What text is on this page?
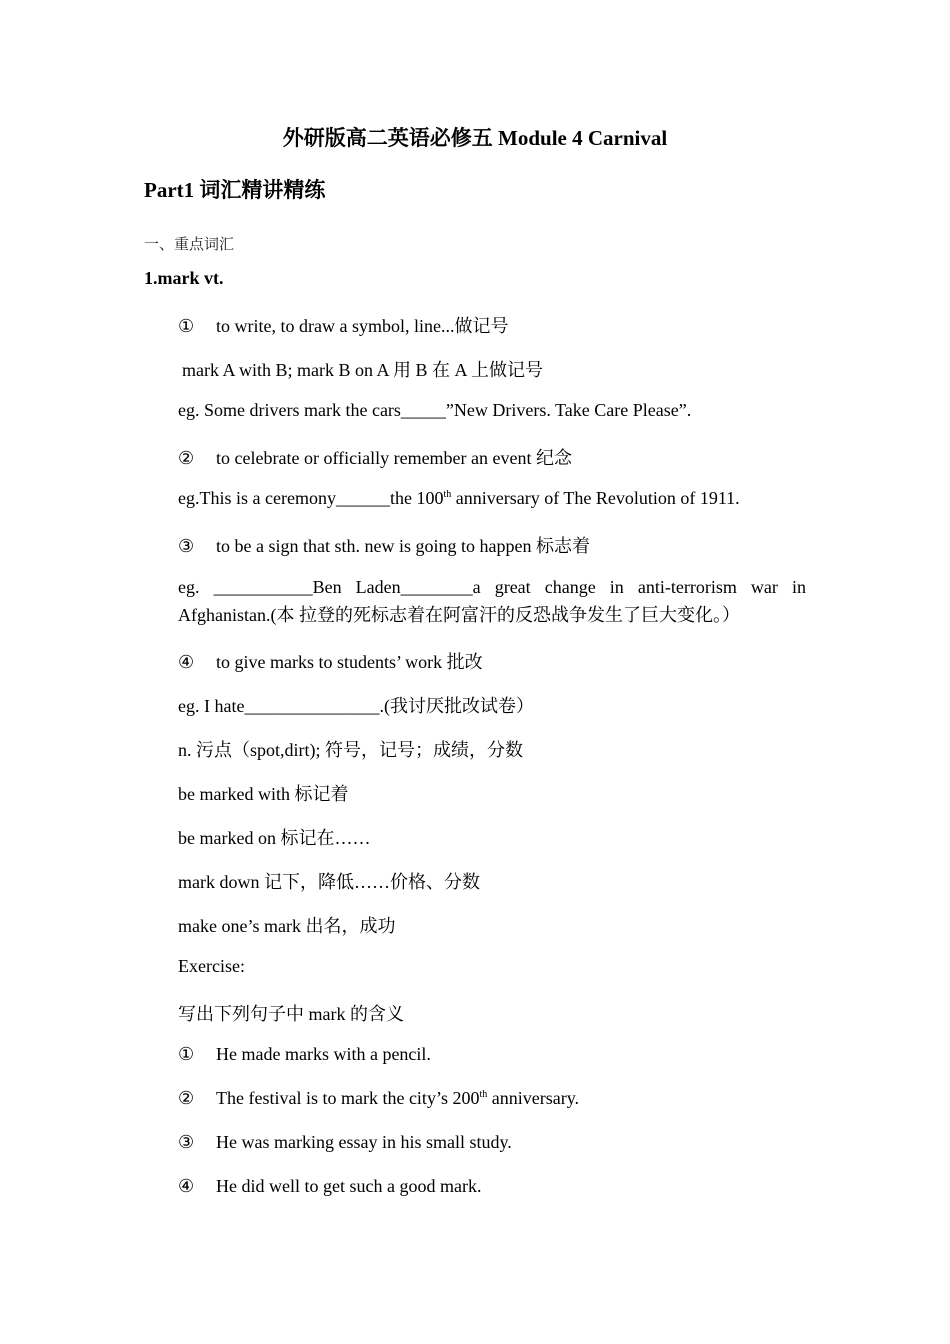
外研版高二英语必修五 Module 4 Carnival
Part1 词汇精讲精练
一、重点词汇
1.mark vt.
① to write, to draw a symbol, line...做记号
mark A with B; mark B on A 用 B 在 A 上做记号
eg. Some drivers mark the cars_____”New Drivers. Take Care Please”.
② to celebrate or officially remember an event 纪念
eg.This is a ceremony______the 100th anniversary of The Revolution of 1911.
③ to be a sign that sth. new is going to happen 标志着
eg. ___________Ben Laden________a great change in anti-terrorism war in Afghanistan.(本 拉登的死标志着在阿富汗的反恐战争发生了巨大变化。）
④ to give marks to students’ work 批改
eg. I hate_______________.(我讨厌批改试卷）
n. 污点（spot,dirt); 符号，记号；成绩，分数
be marked with 标记着
be marked on 标记在……
mark down 记下，降低……价格、分数
make one’s mark 出名，成功
Exercise:
写出下列句子中 mark 的含义
① He made marks with a pencil.
② The festival is to mark the city’s 200th anniversary.
③ He was marking essay in his small study.
④ He did well to get such a good mark.
